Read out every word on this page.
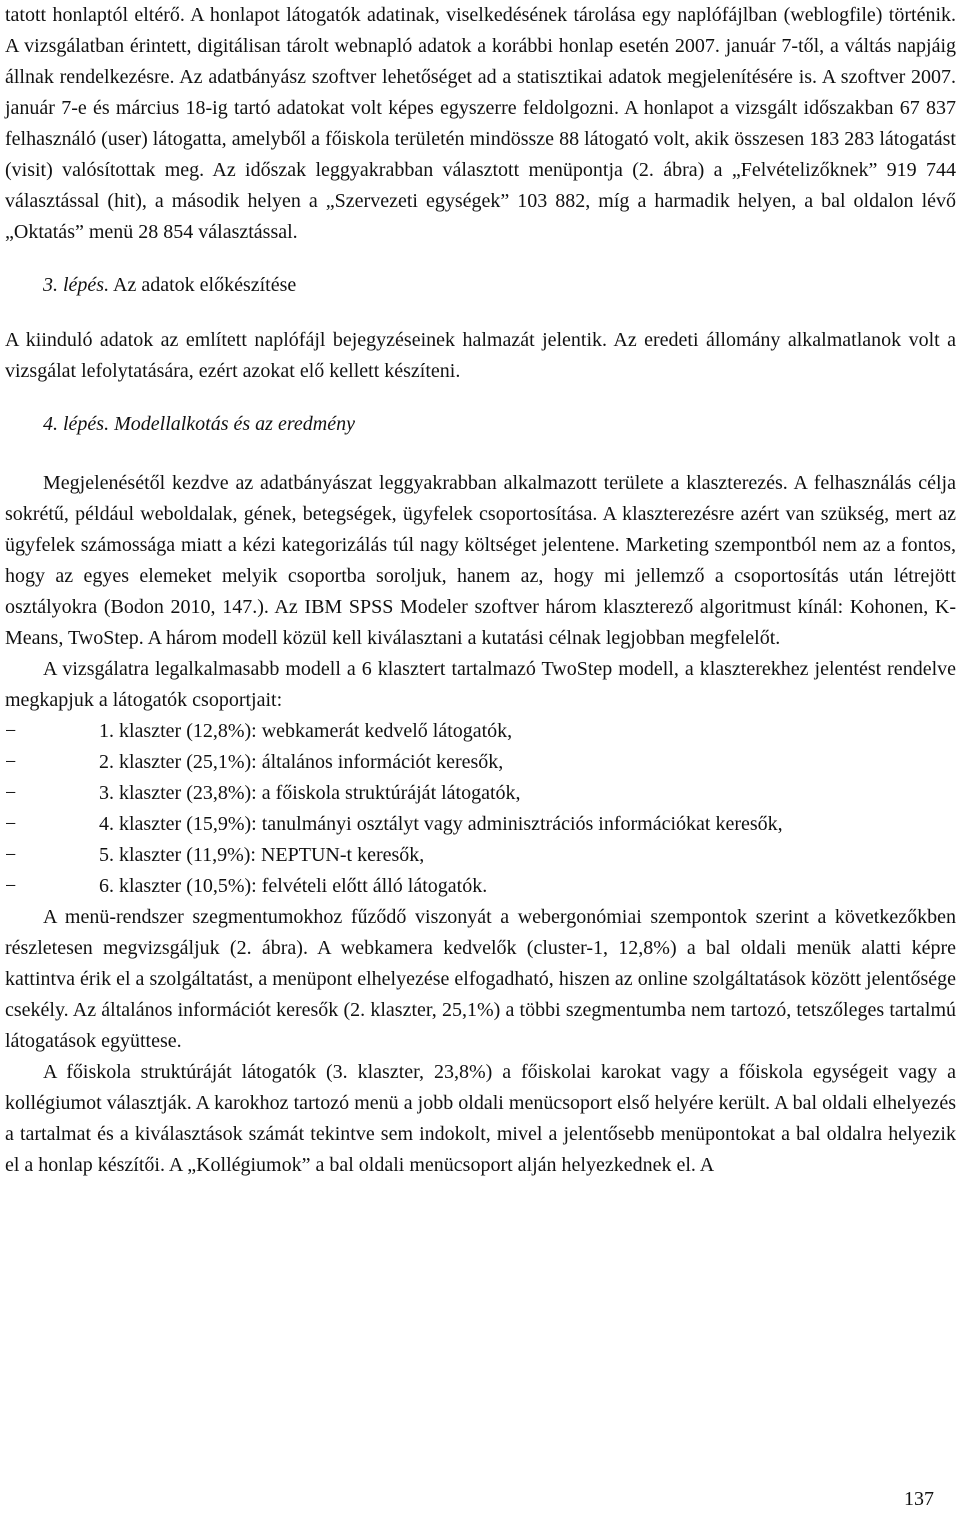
tatott honlaptól eltérő. A honlapot látogatók adatinak, viselkedésének tárolása egy naplófájlban (weblogfile) történik. A vizsgálatban érintett, digitálisan tárolt webnapló adatok a korábbi honlap esetén 2007. január 7-től, a váltás napjáig állnak rendelkezésre. Az adatbányász szoftver lehetőséget ad a statisztikai adatok megjelenítésére is. A szoftver 2007. január 7-e és március 18-ig tartó adatokat volt képes egyszerre feldolgozni. A honlapot a vizsgált időszakban 67 837 felhasználó (user) látogatta, amelyből a főiskola területén mindössze 88 látogató volt, akik összesen 183 283 látogatást (visit) valósítottak meg. Az időszak leggyakrabban választott menüpontja (2. ábra) a „Felvételizőknek” 919 744 választással (hit), a második helyen a „Szervezeti egységek” 103 882, míg a harmadik helyen, a bal oldalon lévő „Oktatás” menü 28 854 választással.

3. lépés. Az adatok előkészítése

A kiinduló adatok az említett naplófájl bejegyzéseinek halmazát jelentik. Az eredeti állomány alkalmatlanok volt a vizsgálat lefolytatására, ezért azokat elő kellett készíteni.

4. lépés. Modellalkotás és az eredmény

Megjelenésétől kezdve az adatbányászat leggyakrabban alkalmazott területe a klaszterezés. A felhasználás célja sokrétű, például weboldalak, gének, betegségek, ügyfelek csoportosítása. A klaszterezésre azért van szükség, mert az ügyfelek számossága miatt a kézi kategorizálás túl nagy költséget jelentene. Marketing szempontból nem az a fontos, hogy az egyes elemeket melyik csoportba soroljuk, hanem az, hogy mi jellemző a csoportosítás után létrejött osztályokra (Bodon 2010, 147.). Az IBM SPSS Modeler szoftver három klaszterező algoritmust kínál: Kohonen, K-Means, TwoStep. A három modell közül kell kiválasztani a kutatási célnak legjobban megfelelőt.

A vizsgálatra legalkalmasabb modell a 6 klasztert tartalmazó TwoStep modell, a klaszterekhez jelentést rendelve megkapjuk a látogatók csoportjait:

−	1. klaszter (12,8%): webkamerát kedvelő látogatók,
−	2. klaszter (25,1%): általános információt keresők,
−	3. klaszter (23,8%): a főiskola struktúráját látogatók,
−	4. klaszter (15,9%): tanulmányi osztályt vagy adminisztrációs információkat keresők,
−	5. klaszter (11,9%): NEPTUN-t keresők,
−	6. klaszter (10,5%): felvételi előtt álló látogatók.

A menü-rendszer szegmentumokhoz fűződő viszonyát a webergonómiai szempontok szerint a következőkben részletesen megvizsgáljuk (2. ábra). A webkamera kedvelők (cluster-1, 12,8%) a bal oldali menük alatti képre kattintva érik el a szolgáltatást, a menüpont elhelyezése elfogadható, hiszen az online szolgáltatások között jelentősége csekély. Az általános információt keresők (2. klaszter, 25,1%) a többi szegmentumba nem tartozó, tetszőleges tartalmú látogatások együttese.

A főiskola struktúráját látogatók (3. klaszter, 23,8%) a főiskolai karokat vagy a főiskola egységeit vagy a kollégiumot választják. A karokhoz tartozó menü a jobb oldali menücsoport első helyére került. A bal oldali elhelyezés a tartalmat és a kiválasztások számát tekintve sem indokolt, mivel a jelentősebb menüpontokat a bal oldalra helyezik el a honlap készítői. A „Kollégiumok” a bal oldali menücsoport alján helyezkednek el. A

137
